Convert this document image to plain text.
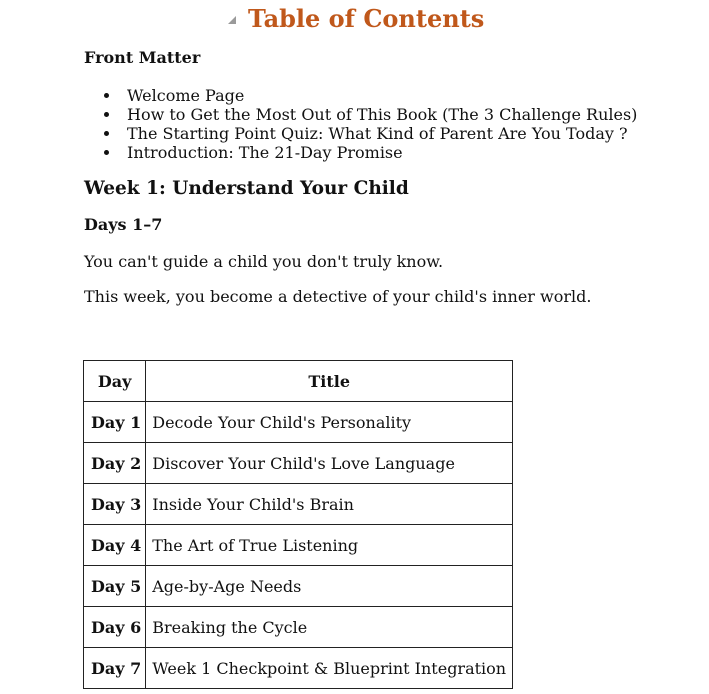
Table of Contents
Front Matter
Welcome Page
How to Get the Most Out of This Book (The 3 Challenge Rules)
The Starting Point Quiz: What Kind of Parent Are You Today ?
Introduction: The 21-Day Promise
Week 1: Understand Your Child
Days 1–7
You can't guide a child you don't truly know.
This week, you become a detective of your child's inner world.
Day	Title
Day 1	Decode Your Child's Personality
Day 2	Discover Your Child's Love Language
Day 3	Inside Your Child's Brain
Day 4	The Art of True Listening
Day 5	Age-by-Age Needs
Day 6	Breaking the Cycle
Day 7	Week 1 Checkpoint & Blueprint Integration
